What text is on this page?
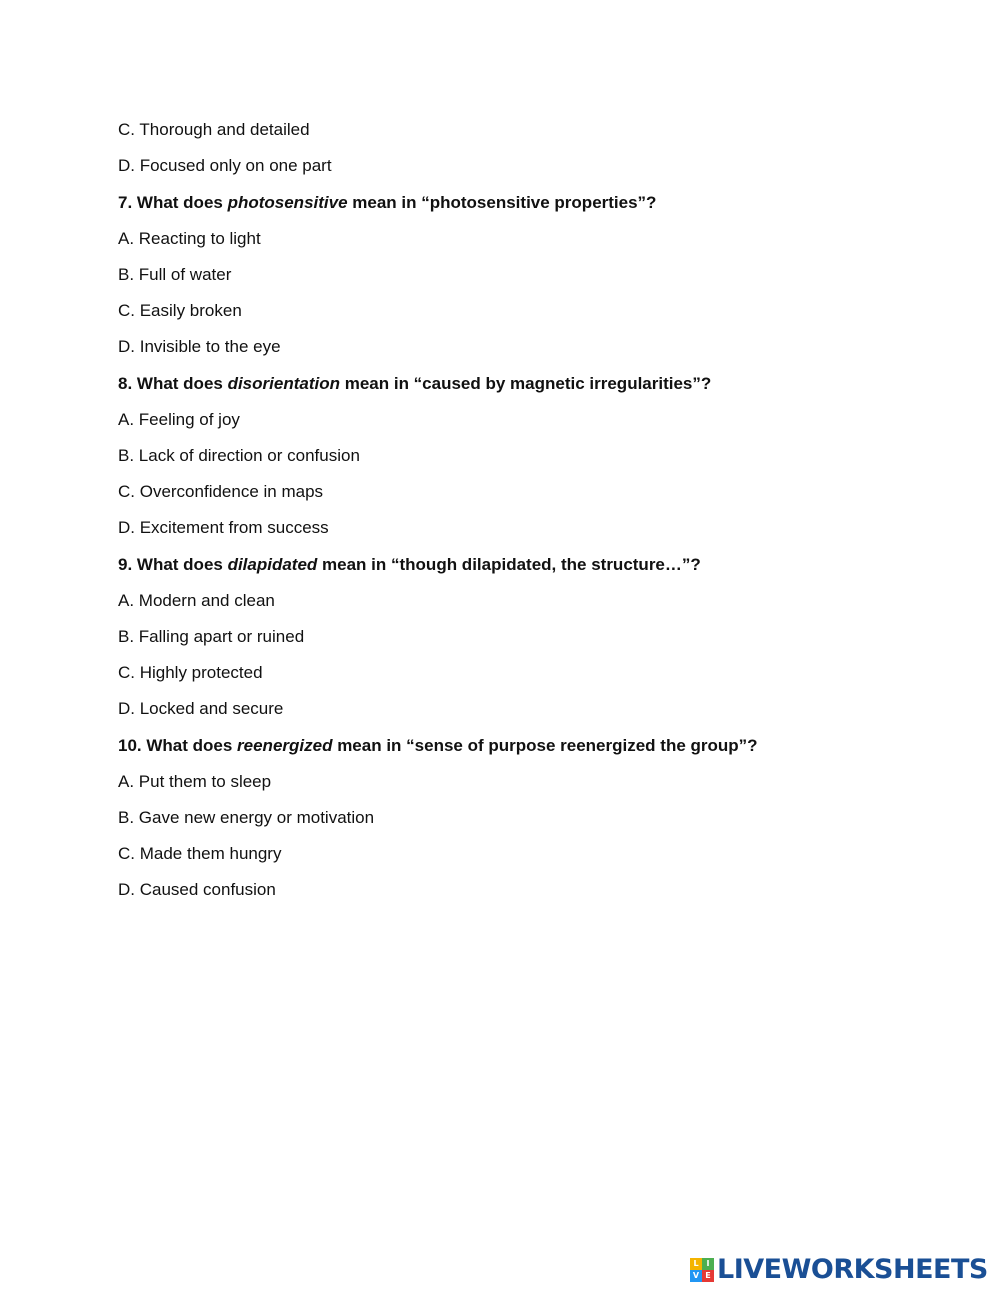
C. Thorough and detailed
D. Focused only on one part
7. What does photosensitive mean in “photosensitive properties”?
A. Reacting to light
B. Full of water
C. Easily broken
D. Invisible to the eye
8. What does disorientation mean in “caused by magnetic irregularities”?
A. Feeling of joy
B. Lack of direction or confusion
C. Overconfidence in maps
D. Excitement from success
9. What does dilapidated mean in “though dilapidated, the structure…”?
A. Modern and clean
B. Falling apart or ruined
C. Highly protected
D. Locked and secure
10. What does reenergized mean in “sense of purpose reenergized the group”?
A. Put them to sleep
B. Gave new energy or motivation
C. Made them hungry
D. Caused confusion
L I
V E LIVEWORKSHEETS
